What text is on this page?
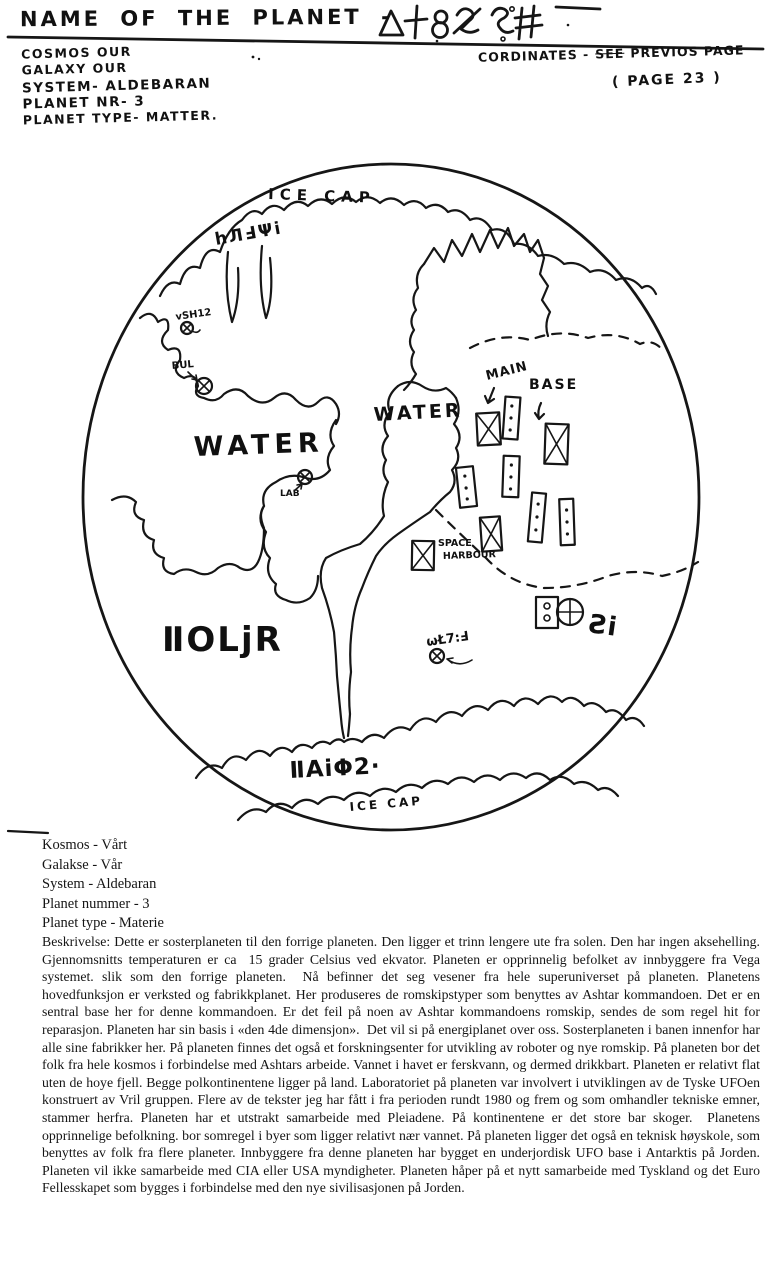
ICE CAP
hЛℲΨi
vSH12
BUL
WATER
WATER
LAB
MAIN
BASE
SPACE
HARBOUR
ωŁ7:Ⅎ
ⅡOLjR	Ƨi
ⅡAiΦ2·
ICE CAP
NAME OF THE PLANET -
COSMOS OUR
GALAXY OUR
SYSTEM- ALDEBARAN
PLANET NR- 3
PLANET TYPE- MATTER.
CORDINATES - SEE PREVIOS PAGE
( PAGE 23 )
Kosmos - Vårt
Galakse - Vår
System - Aldebaran
Planet nummer - 3
Planet type - Materie

Beskrivelse: Dette er sosterplaneten til den forrige planeten. Den ligger et trinn lengere ute fra solen. Den har ingen aksehelling. Gjennomsnitts temperaturen er ca  15 grader Celsius ved ekvator. Planeten er opprinnelig befolket av innbyggere fra Vega systemet. slik som den forrige planeten.  Nå befinner det seg vesener fra hele superuniverset på planeten. Planetens hovedfunksjon er verksted og fabrikkplanet. Her produseres de romskipstyper som benyttes av Ashtar kommandoen. Det er en sentral base her for denne kommandoen. Er det feil på noen av Ashtar kommandoens romskip, sendes de som regel hit for reparasjon. Planeten har sin basis i «den 4de dimensjon».  Det vil si på energiplanet over oss. Sosterplaneten i banen innenfor har alle sine fabrikker her. På planeten finnes det også et forskningsenter for utvikling av roboter og nye romskip. På planeten bor det folk fra hele kosmos i forbindelse med Ashtars arbeide. Vannet i havet er ferskvann, og dermed drikkbart. Planeten er relativt flat uten de hoye fjell. Begge polkontinentene ligger på land. Laboratoriet på planeten var involvert i utviklingen av de Tyske UFOen konstruert av Vril gruppen. Flere av de tekster jeg har fått i fra perioden rundt 1980 og frem og som omhandler tekniske emner, stammer herfra. Planeten har et utstrakt samarbeide med Pleiadene. På kontinentene er det store bar skoger.  Planetens opprinnelige befolkning. bor somregel i byer som ligger relativt nær vannet. På planeten ligger det også en teknisk høyskole, som benyttes av folk fra flere planeter. Innbyggere fra denne planeten har bygget en underjordisk UFO base i Antarktis på Jorden. Planeten vil ikke samarbeide med CIA eller USA myndigheter. Planeten håper på et nytt samarbeide med Tyskland og det Euro Fellesskapet som bygges i forbindelse med den nye sivilisasjonen på Jorden.
